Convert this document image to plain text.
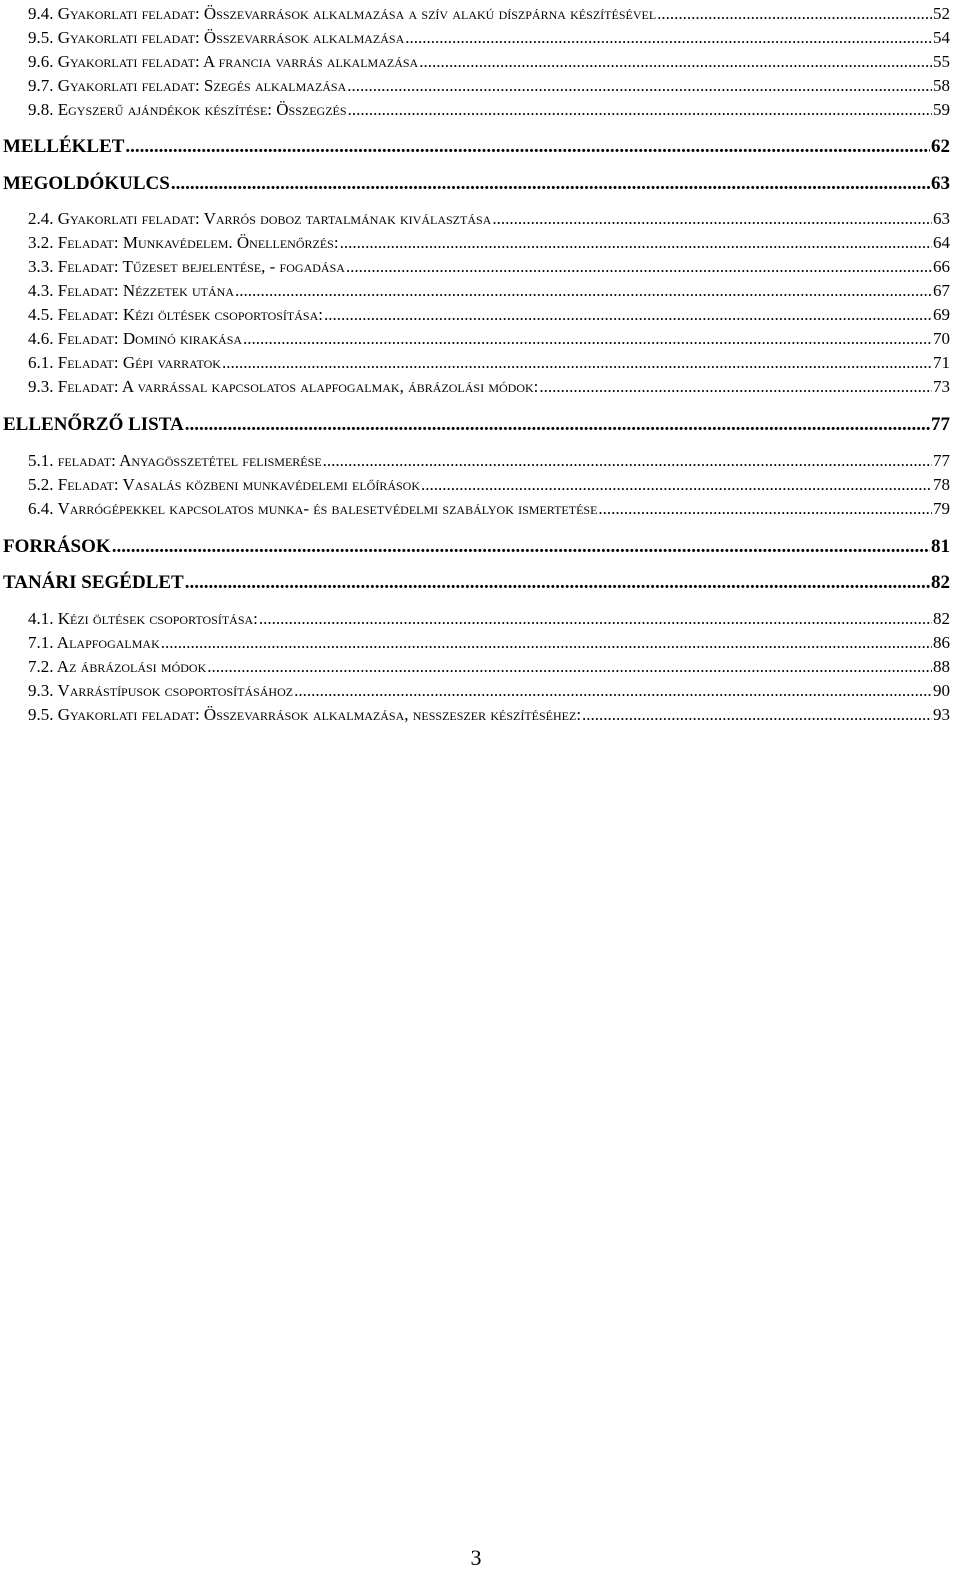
9.4. Gyakorlati feladat: Összevarrások alkalmazása a szív alakú díszpárna készítésével .....	52
9.5. Gyakorlati feladat: Összevarrások alkalmazása .....	54
9.6. Gyakorlati feladat: A francia varrás alkalmazása .....	55
9.7. Gyakorlati feladat: Szegés alkalmazása .....	58
9.8. Egyszerű ajándékok készítése: Összegzés .....	59
MELLÉKLET .....	62
MEGOLDÓKULCS .....	63
2.4. Gyakorlati feladat: Varrós doboz tartalmának kiválasztása .....	63
3.2. Feladat: Munkavédelem. Önellenőrzés: .....	64
3.3. Feladat: Tűzeset bejelentése, - fogadása .....	66
4.3. Feladat: Nézzetek utána .....	67
4.5. Feladat: Kézi öltések csoportosítása: .....	69
4.6. Feladat: Dominó kirakása .....	70
6.1. Feladat: Gépi varratok .....	71
9.3. Feladat: A varrással kapcsolatos alapfogalmak, ábrázolási módok: .....	73
ELLENŐRZŐ LISTA .....	77
5.1. feladat: Anyagösszetétel felismerése .....	77
5.2. Feladat: Vasalás közbeni munkavédelemi előírások .....	78
6.4. Varrógépekkel kapcsolatos munka- és balesetvédelmi szabályok ismertetése .....	79
FORRÁSOK .....	81
TANÁRI SEGÉDLET .....	82
4.1. Kézi öltések csoportosítása: .....	82
7.1. Alapfogalmak .....	86
7.2. Az ábrázolási módok .....	88
9.3. Varrástípusok csoportosításához .....	90
9.5. Gyakorlati feladat: Összevarrások alkalmazása, nesszeszer készítéséhez: .....	93
3
